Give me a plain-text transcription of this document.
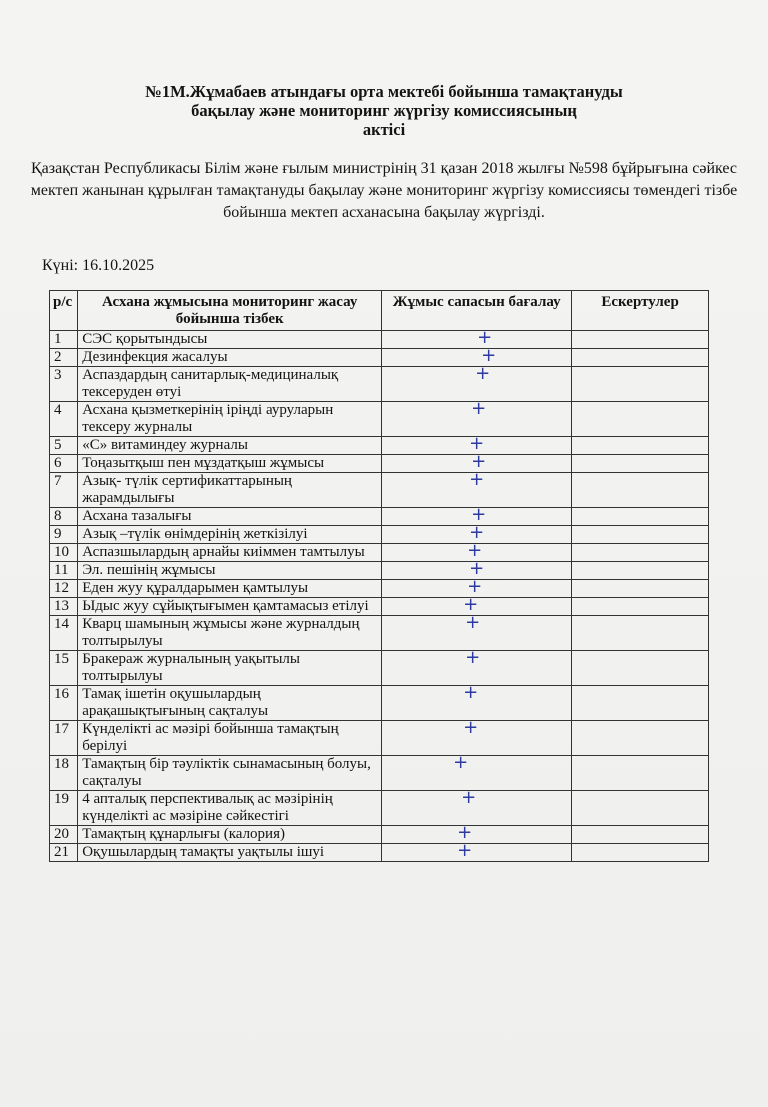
№1М.Жұмабаев атындағы орта мектебі бойынша тамақтануды
бақылау және мониторинг жүргізу комиссиясының
актісі
Қазақстан Республикасы Білім және ғылым министрінің 31 қазан 2018 жылғы №598 бұйрығына сәйкес мектеп жанынан құрылған тамақтануды бақылау және мониторинг жүргізу комиссиясы төмендегі тізбе бойынша мектеп асханасына бақылау жүргізді.
Күні: 16.10.2025
р/с	Асхана жұмысына мониторинг жасау бойынша тізбек	Жұмыс сапасын бағалау	Ескертулер
1	СЭС қорытындысы	+	
2	Дезинфекция жасалуы	+	
3	Аспаздардың санитарлық-медициналық тексеруден өтуі	+	
4	Асхана қызметкерінің іріңді ауруларын тексеру журналы	+	
5	«С» витаминдеу журналы	+	
6	Тоңазытқыш пен мұздатқыш жұмысы	+	
7	Азық- түлік сертификаттарының жарамдылығы	+	
8	Асхана тазалығы	+	
9	Азық –түлік өнімдерінің жеткізілуі	+	
10	Аспазшылардың арнайы киіммен тамтылуы	+	
11	Эл. пешінің жұмысы	+	
12	Еден жуу құралдарымен қамтылуы	+	
13	Ыдыс жуу сұйықтығымен қамтамасыз етілуі	+	
14	Кварц шамының жұмысы және журналдың толтырылуы	+	
15	Бракераж журналының уақытылы толтырылуы	+	
16	Тамақ ішетін оқушылардың арақашықтығының сақталуы	+	
17	Күнделікті ас мәзірі бойынша тамақтың берілуі	+	
18	Тамақтың бір тәуліктік сынамасының болуы, сақталуы	+	
19	4 апталық перспективалық ас мәзірінің күнделікті ас мәзіріне сәйкестігі	+	
20	Тамақтың құнарлығы (калория)	+	
21	Оқушылардың тамақты уақтылы ішуі	+	
